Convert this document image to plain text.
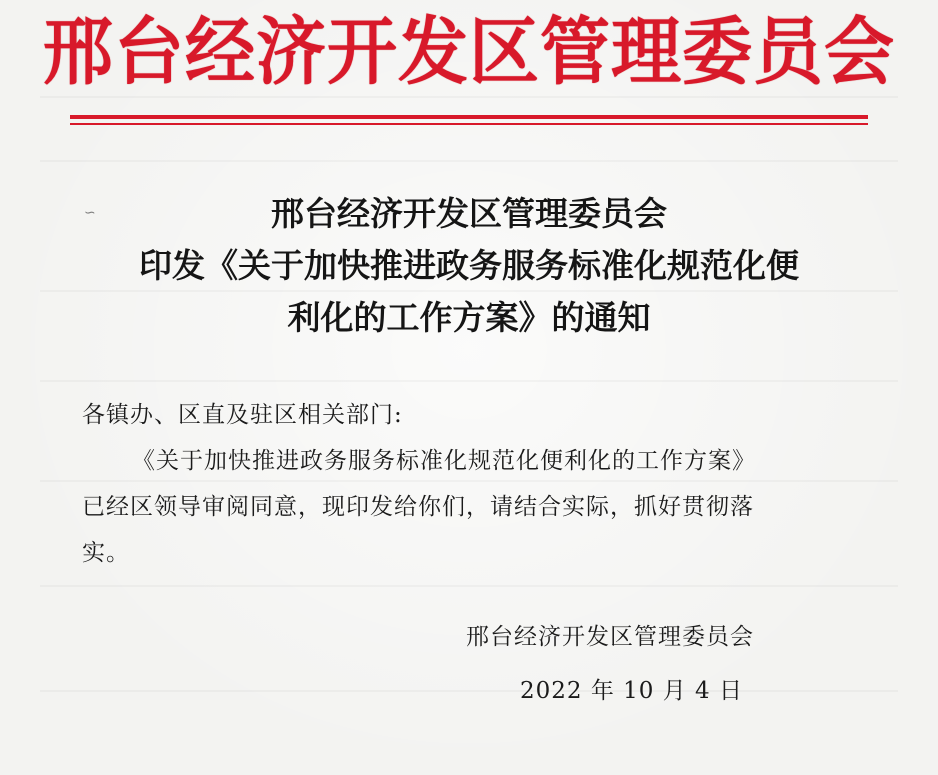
邢台经济开发区管理委员会
∽	邢台经济开发区管理委员会
印发《关于加快推进政务服务标准化规范化便
利化的工作方案》的通知
各镇办、区直及驻区相关部门:
《关于加快推进政务服务标准化规范化便利化的工作方案》
已经区领导审阅同意，现印发给你们，请结合实际，抓好贯彻落
实。
邢台经济开发区管理委员会
2022 年 10 月 4 日
